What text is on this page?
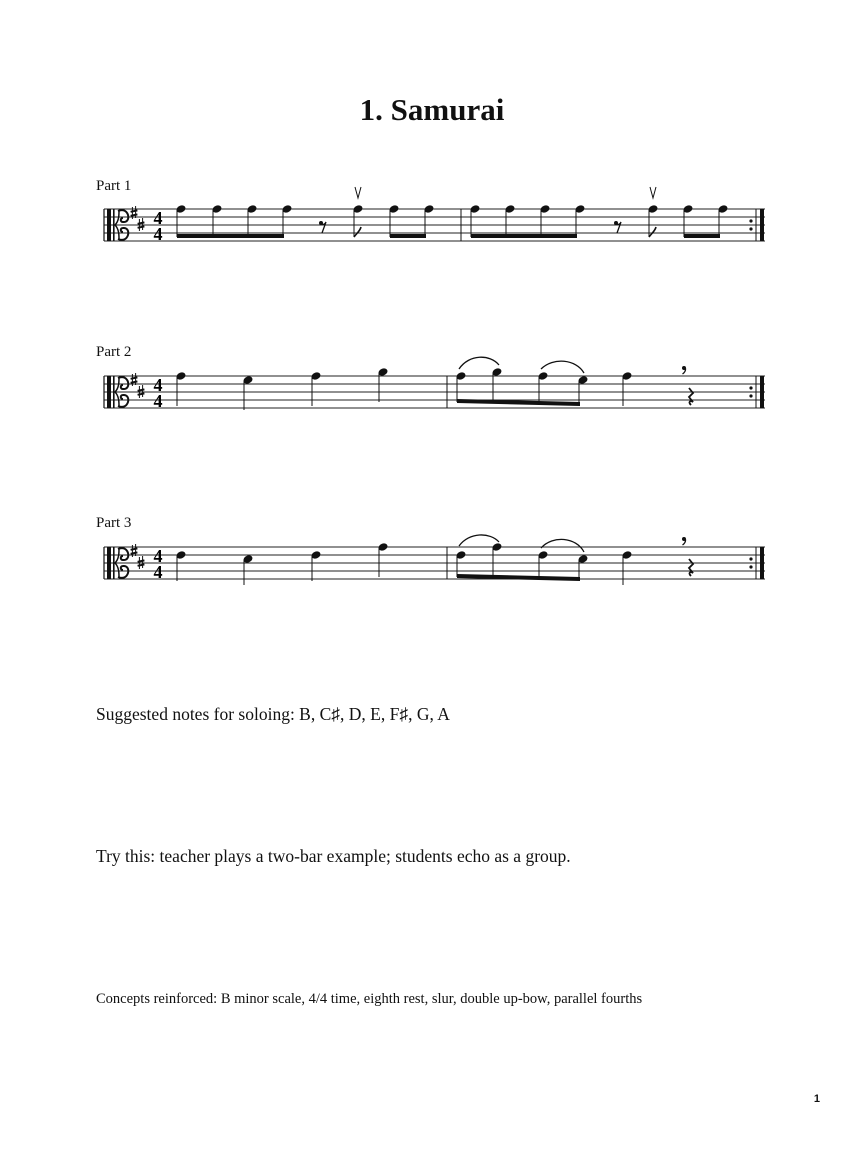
1. Samurai
Part 1
Part 2
Part 3
4
4
4
4
4
4
Suggested notes for soloing: B, C♯, D, E, F♯, G, A
Try this: teacher plays a two-bar example; students echo as a group.
Concepts reinforced: B minor scale, 4/4 time, eighth rest, slur, double up-bow, parallel fourths
1
